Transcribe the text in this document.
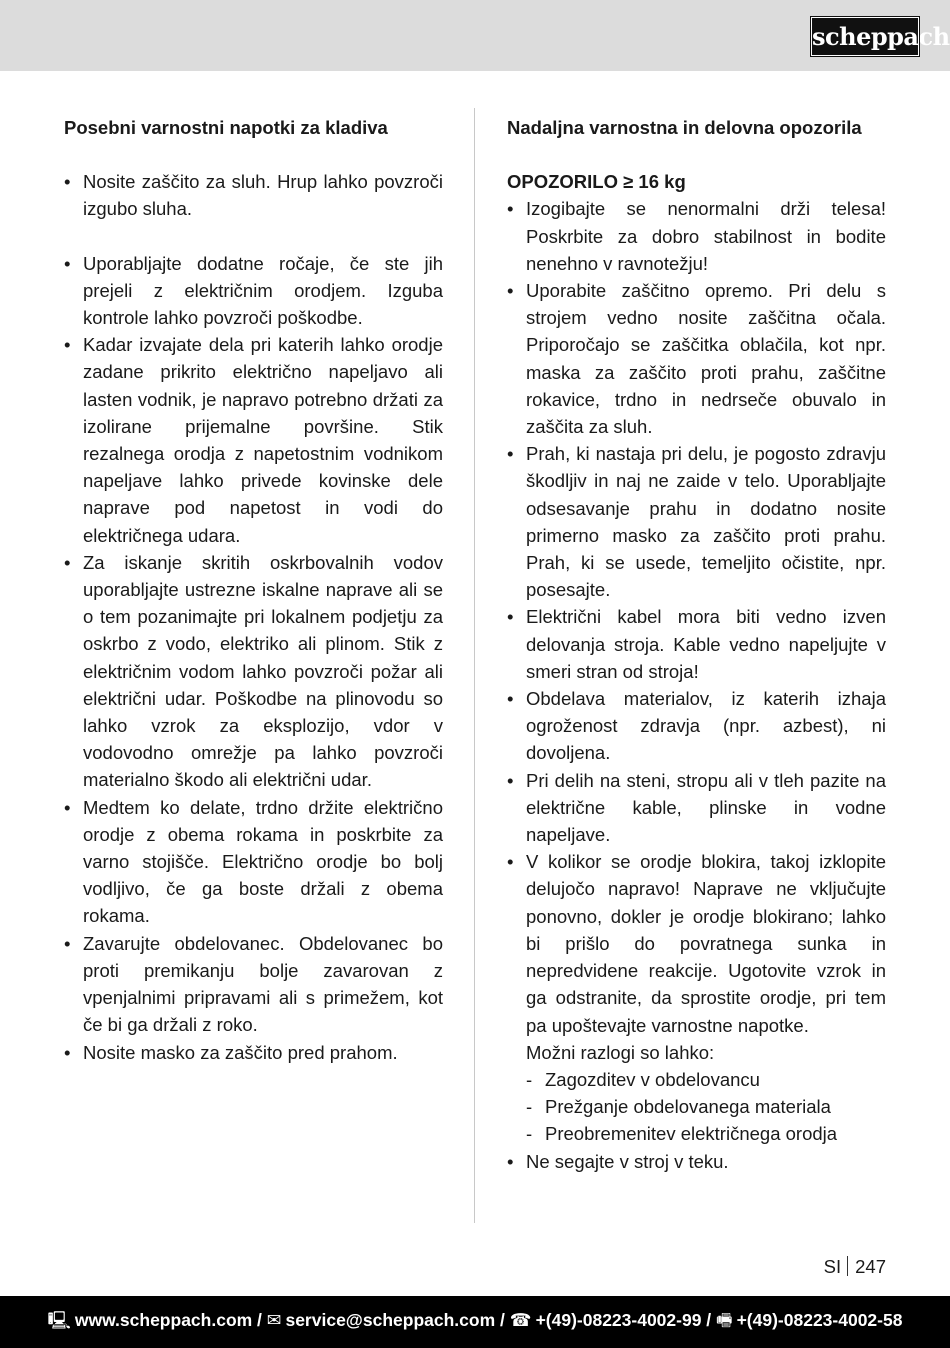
scheppach
Posebni varnostni napotki za kladiva
• Nosite zaščito za sluh. Hrup lahko povzroči izgubo sluha.
• Uporabljajte dodatne ročaje, če ste jih prejeli z električnim orodjem. Izguba kontrole lahko povzroči poškodbe.
• Kadar izvajate dela pri katerih lahko orodje zadane prikrito električno napeljavo ali lasten vodnik, je napravo potrebno držati za izolirane prijemalne površine. Stik rezalnega orodja z napetostnim vodnikom napeljave lahko privede kovinske dele naprave pod napetost in vodi do električnega udara.
• Za iskanje skritih oskrbovalnih vodov uporabljajte ustrezne iskalne naprave ali se o tem pozanimajte pri lokalnem podjetju za oskrbo z vodo, elektriko ali plinom. Stik z električnim vodom lahko povzroči požar ali električni udar. Poškodbe na plinovodu so lahko vzrok za eksplozijo, vdor v vodovodno omrežje pa lahko povzroči materialno škodo ali električni udar.
• Medtem ko delate, trdno držite električno orodje z obema rokama in poskrbite za varno stojišče. Električno orodje bo bolj vodljivo, če ga boste držali z obema rokama.
• Zavarujte obdelovanec. Obdelovanec bo proti premikanju bolje zavarovan z vpenjalnimi pripravami ali s primežem, kot če bi ga držali z roko.
• Nosite masko za zaščito pred prahom.
Nadaljna varnostna in delovna opozorila
OPOZORILO ≥ 16 kg
• Izogibajte se nenormalni drži telesa! Poskrbite za dobro stabilnost in bodite nenehno v ravnotežju!
• Uporabite zaščitno opremo. Pri delu s strojem vedno nosite zaščitna očala. Priporočajo se zaščitka oblačila, kot npr. maska za zaščito proti prahu, zaščitne rokavice, trdno in nedrseče obuvalo in zaščita za sluh.
• Prah, ki nastaja pri delu, je pogosto zdravju škodljiv in naj ne zaide v telo. Uporabljajte odsesavanje prahu in dodatno nosite primerno masko za zaščito proti prahu. Prah, ki se usede, temeljito očistite, npr. posesajte.
• Električni kabel mora biti vedno izven delovanja stroja. Kable vedno napeljujte v smeri stran od stroja!
• Obdelava materialov, iz katerih izhaja ogroženost zdravja (npr. azbest), ni dovoljena.
• Pri delih na steni, stropu ali v tleh pazite na električne kable, plinske in vodne napeljave.
• V kolikor se orodje blokira, takoj izklopite delujočo napravo! Naprave ne vključujte ponovno, dokler je orodje blokirano; lahko bi prišlo do povratnega sunka in nepredvidene reakcije. Ugotovite vzrok in ga odstranite, da sprostite orodje, pri tem pa upoštevajte varnostne napotke.
Možni razlogi so lahko:
- Zagozditev v obdelovancu
- Prežganje obdelovanega materiala
- Preobremenitev električnega orodja
• Ne segajte v stroj v teku.
SI 247
🖳 www.scheppach.com / ✉ service@scheppach.com / ☎ +(49)-08223-4002-99 / 🖷 +(49)-08223-4002-58
